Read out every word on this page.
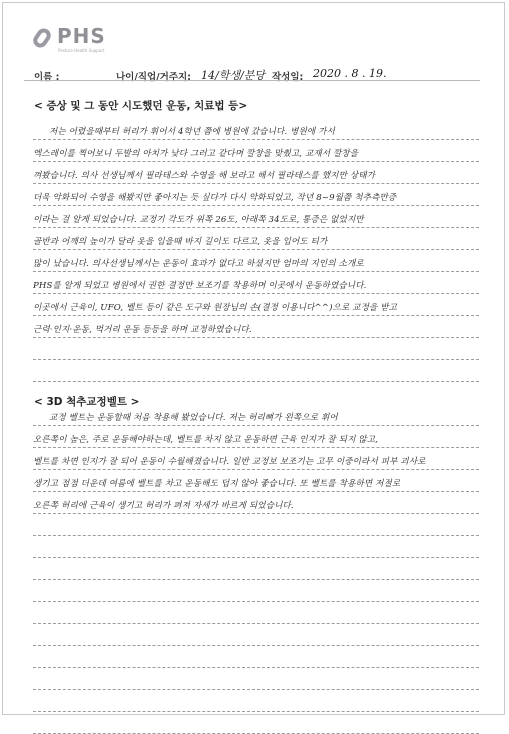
PHS
Posture Health Support
이름 :	나이/직업/거주지: 14/학생/분당 작성일: 2020 . 8 . 19.
< 증상 및 그 동안 시도했던 운동, 치료법 등>
저는 어렸을때부터 허리가 휘어서 4학년 쯤에 병원에 갔습니다. 병원에 가서
엑스레이를 찍어보니 두발의 아치가 낮다 그러고 같다며 깔창을 맞췄고, 교재서 깔창을
껴봤습니다. 의사 선생님께서 필라테스와 수영을 해 보라고 해서 필라테스를 했지만 상태가
더욱 악화되어 수영을 해봤지만 좋아지는 듯 싶다가 다시 악화되었고, 작년 8~9월쯤 척추측만증
이라는 걸 알게 되었습니다. 교정기 각도가 위쪽 26도, 아래쪽 34도로, 통증은 없었지만
골반과 어깨의 높이가 달라 옷을 입을때 바지 길이도 다르고, 옷을 입어도 티가
많이 났습니다. 의사선생님께서는 운동이 효과가 없다고 하셨지만 엄마의 지인의 소개로
PHS를 알게 되었고 병원에서 권한 결정만 보조기를 착용하며 이곳에서 운동하였습니다.
이곳에서 근육이, UFO, 벨트 등이 같은 도구와 원장님의 손(결정 이용니다^^)으로 교정을 받고
근력·인지·운동, 먹거리 운동 등등을 하며 교정하였습니다.
< 3D 척추교정벨트 >
교정 벨트는 운동할때 처음 착용해 봤었습니다. 저는 허리뼈가 왼쪽으로 휘어
오른쪽이 높은, 주로 운동해야하는데, 벨트를 차지 않고 운동하면 근육 인지가 잘 되지 않고,
벨트를 차면 인지가 잘 되어 운동이 수월해졌습니다. 일반 교정보 보조기는 고무 이중이라서 피부 괴사로
생기고 점점 더운데 여름에 벨트를 차고 운동해도 덥지 않아 좋습니다. 또 벨트를 착용하면 저절로
오른쪽 허리에 근육이 생기고 허리가 펴져 자세가 바르게 되었습니다.
